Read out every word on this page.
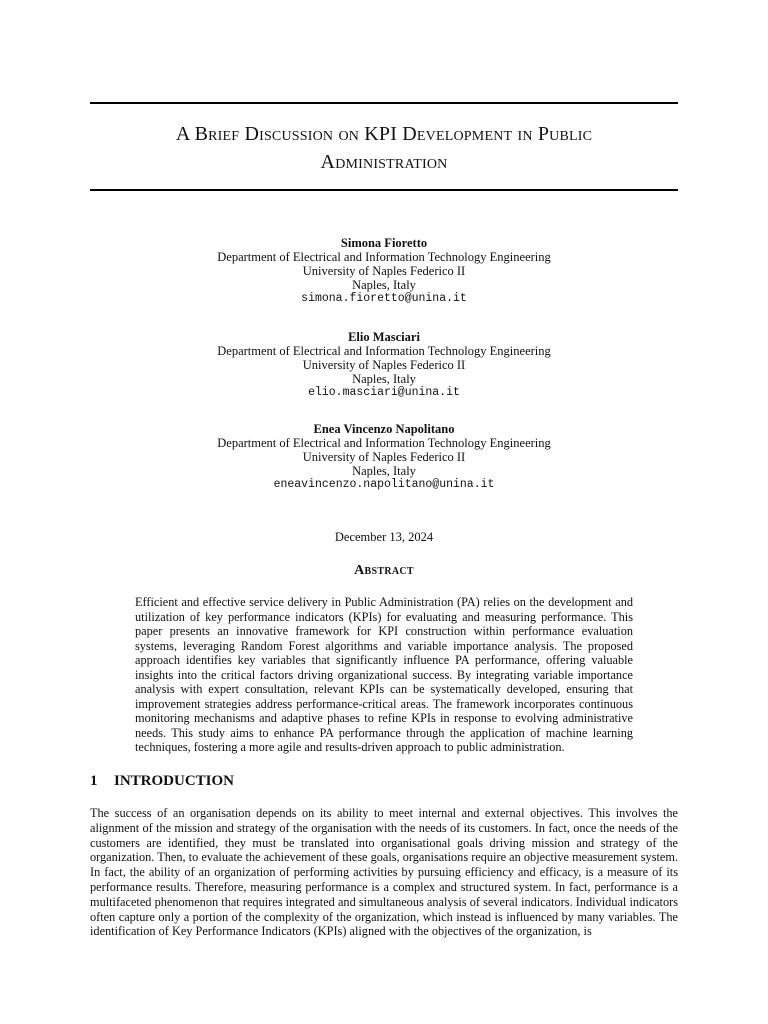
A Brief Discussion on KPI Development in Public
Administration
Simona Fioretto
Department of Electrical and Information Technology Engineering
University of Naples Federico II
Naples, Italy
simona.fioretto@unina.it
Elio Masciari
Department of Electrical and Information Technology Engineering
University of Naples Federico II
Naples, Italy
elio.masciari@unina.it
Enea Vincenzo Napolitano
Department of Electrical and Information Technology Engineering
University of Naples Federico II
Naples, Italy
eneavincenzo.napolitano@unina.it
December 13, 2024
Abstract
Efficient and effective service delivery in Public Administration (PA) relies on the development and utilization of key performance indicators (KPIs) for evaluating and measuring performance. This paper presents an innovative framework for KPI construction within performance evaluation systems, leveraging Random Forest algorithms and variable importance analysis. The proposed approach identifies key variables that significantly influence PA performance, offering valuable insights into the critical factors driving organizational success. By integrating variable importance analysis with expert consultation, relevant KPIs can be systematically developed, ensuring that improvement strategies address performance-critical areas. The framework incorporates continuous monitoring mechanisms and adaptive phases to refine KPIs in response to evolving administrative needs. This study aims to enhance PA performance through the application of machine learning techniques, fostering a more agile and results-driven approach to public administration.
1 INTRODUCTION
The success of an organisation depends on its ability to meet internal and external objectives. This involves the alignment of the mission and strategy of the organisation with the needs of its customers. In fact, once the needs of the customers are identified, they must be translated into organisational goals driving mission and strategy of the organization. Then, to evaluate the achievement of these goals, organisations require an objective measurement system. In fact, the ability of an organization of performing activities by pursuing efficiency and efficacy, is a measure of its performance results. Therefore, measuring performance is a complex and structured system. In fact, performance is a multifaceted phenomenon that requires integrated and simultaneous analysis of several indicators. Individual indicators often capture only a portion of the complexity of the organization, which instead is influenced by many variables. The identification of Key Performance Indicators (KPIs) aligned with the objectives of the organization, is
